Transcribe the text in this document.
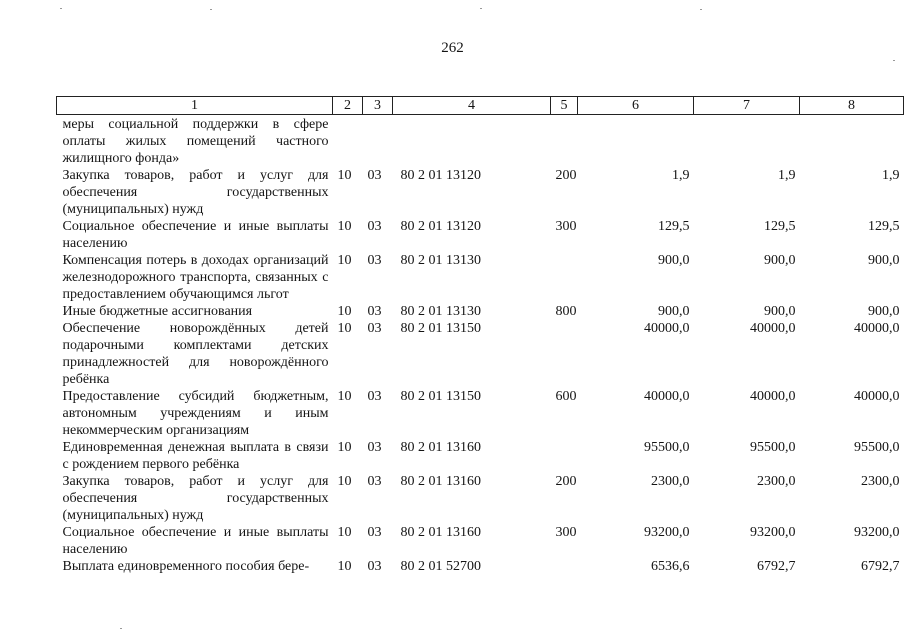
262
1	2	3	4	5	6	7	8
меры социальной поддержки в сфере оплаты жилых помещений частного жилищного фонда»							
Закупка товаров, работ и услуг для обеспечения государственных (муниципальных) нужд	10	03	80 2 01 13120	200	1,9	1,9	1,9
Социальное обеспечение и иные выплаты населению	10	03	80 2 01 13120	300	129,5	129,5	129,5
Компенсация потерь в доходах организаций железнодорожного транспорта, связанных с предоставлением обучающимся льгот	10	03	80 2 01 13130		900,0	900,0	900,0
Иные бюджетные ассигнования	10	03	80 2 01 13130	800	900,0	900,0	900,0
Обеспечение новорождённых детей подарочными комплектами детских принадлежностей для новорождённого ребёнка	10	03	80 2 01 13150		40000,0	40000,0	40000,0
Предоставление субсидий бюджетным, автономным учреждениям и иным некоммерческим организациям	10	03	80 2 01 13150	600	40000,0	40000,0	40000,0
Единовременная денежная выплата в связи с рождением первого ребёнка	10	03	80 2 01 13160		95500,0	95500,0	95500,0
Закупка товаров, работ и услуг для обеспечения государственных (муниципальных) нужд	10	03	80 2 01 13160	200	2300,0	2300,0	2300,0
Социальное обеспечение и иные выплаты населению	10	03	80 2 01 13160	300	93200,0	93200,0	93200,0
Выплата единовременного пособия бере-	10	03	80 2 01 52700		6536,6	6792,7	6792,7
